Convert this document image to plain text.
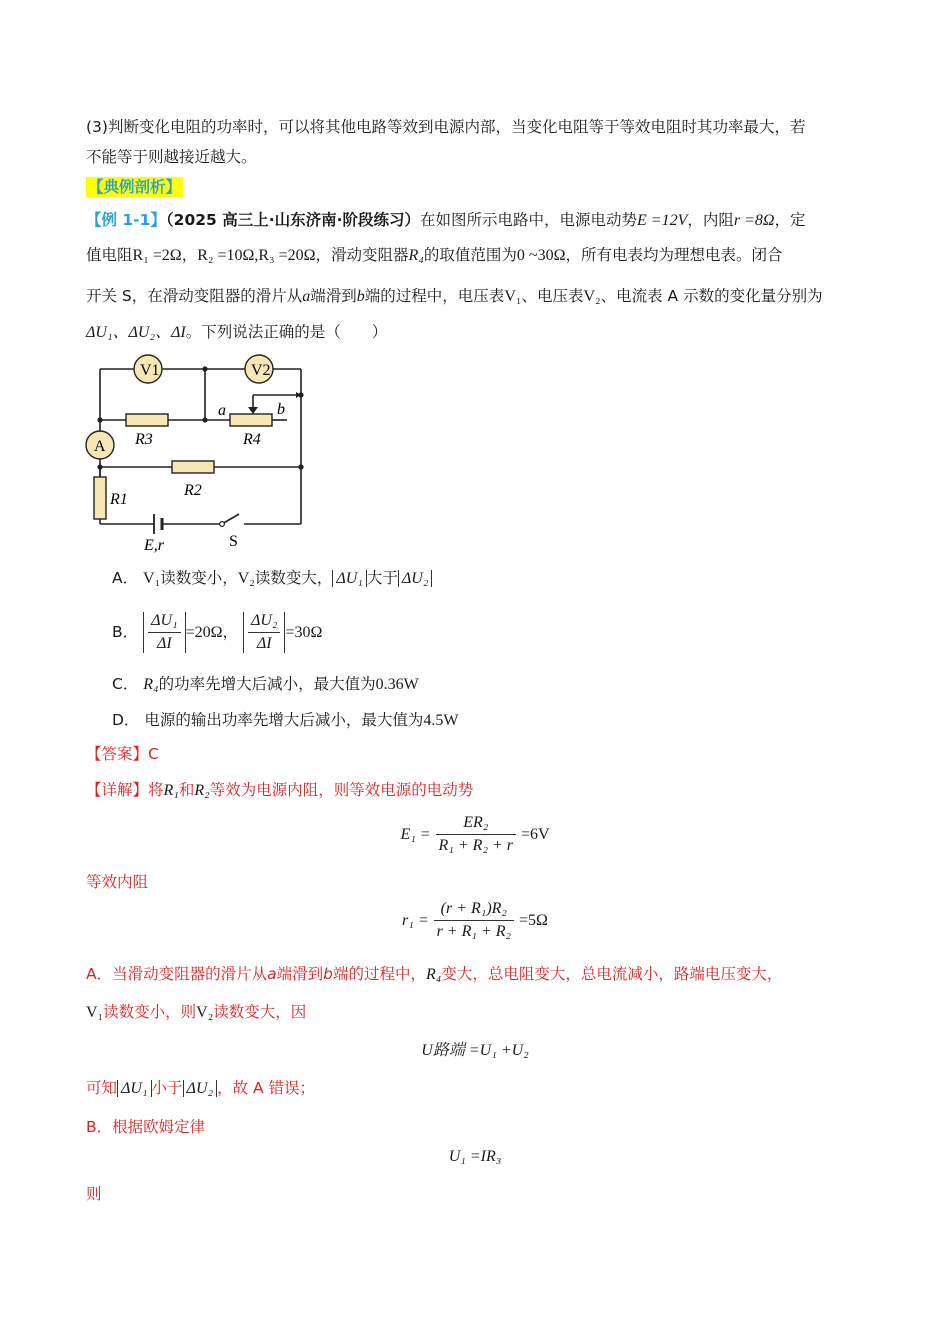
(3)判断变化电阻的功率时，可以将其他电路等效到电源内部，当变化电阻等于等效电阻时其功率最大，若
不能等于则越接近越大。
【典例剖析】
【例 1-1】（2025 高三上·山东济南·阶段练习）在如图所示电路中，电源电动势E =12V，内阻r =8Ω，定
值电阻R₁ =2Ω，R₂ =10Ω,R₃ =20Ω，滑动变阻器R₄的取值范围为0 ~30Ω，所有电表均为理想电表。闭合
开关 S，在滑动变阻器的滑片从a端滑到b端的过程中，电压表V₁、电压表V₂、电流表 A 示数的变化量分别为
ΔU₁、ΔU₂、ΔI。下列说法正确的是（　　）
V1	V2
A R3	R4
R2
R1
a	b
E,r	S
A． V₁读数变小，V₂读数变大， ΔU₁ 大于 ΔU₂
B． $\frac{\text{ΔU₁}}{\Delta I} =20\Omega$， $\frac{\text{ΔU₂}}{\Delta I} =30\Omega$
C． R₄的功率先增大后减小，最大值为0.36W
D． 电源的输出功率先增大后减小，最大值为4.5W
【答案】C
【详解】将R₁和R₂等效为电源内阻，则等效电源的电动势
$E_1 = \frac{\text{ER₂}}{\text{R₁ + R₂ + r}} =6V$
等效内阻
$r_1 = \frac{\text{(r + R₁)R₂}}{\text{r + R₁ + R₂}} =5\Omega$
A．当滑动变阻器的滑片从a端滑到b端的过程中，R₄变大，总电阻变大，总电流减小，路端电压变大，
V₁读数变小，则V₂读数变大，因
U路端 =U₁ +U₂
可知 ΔU₁ 小于 ΔU₂ ，故 A 错误；
B．根据欧姆定律
U₁ =IR₃
则
